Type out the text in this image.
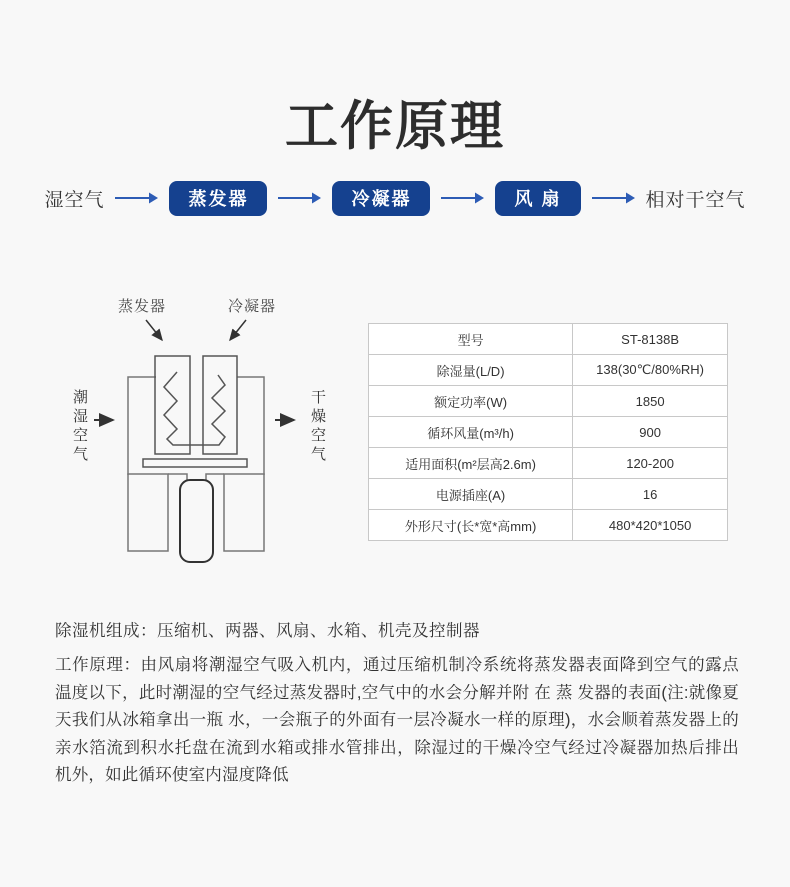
工作原理
湿空气	蒸发器	冷凝器	风 扇	相对干空气
蒸发器	冷凝器
潮湿空气
干燥空气
型号	ST-8138B
除湿量(L/D)	138(30℃/80%RH)
额定功率(W)	1850
循环风量(m³/h)	900
适用面积(m²层高2.6m)	120-200
电源插座(A)	16
外形尺寸(长*宽*高mm)	480*420*1050
除湿机组成：压缩机、两器、风扇、水箱、机壳及控制器
工作原理：由风扇将潮湿空气吸入机内，通过压缩机制冷系统将蒸发器表面降到空气的露点温度以下，此时潮湿的空气经过蒸发器时,空气中的水会分解并附 在 蒸 发器的表面(注:就像夏天我们从冰箱拿出一瓶 水，一会瓶子的外面有一层冷凝水一样的原理)，水会顺着蒸发器上的亲水箔流到积水托盘在流到水箱或排水管排出，除湿过的干燥冷空气经过冷凝器加热后排出机外，如此循环使室内湿度降低
